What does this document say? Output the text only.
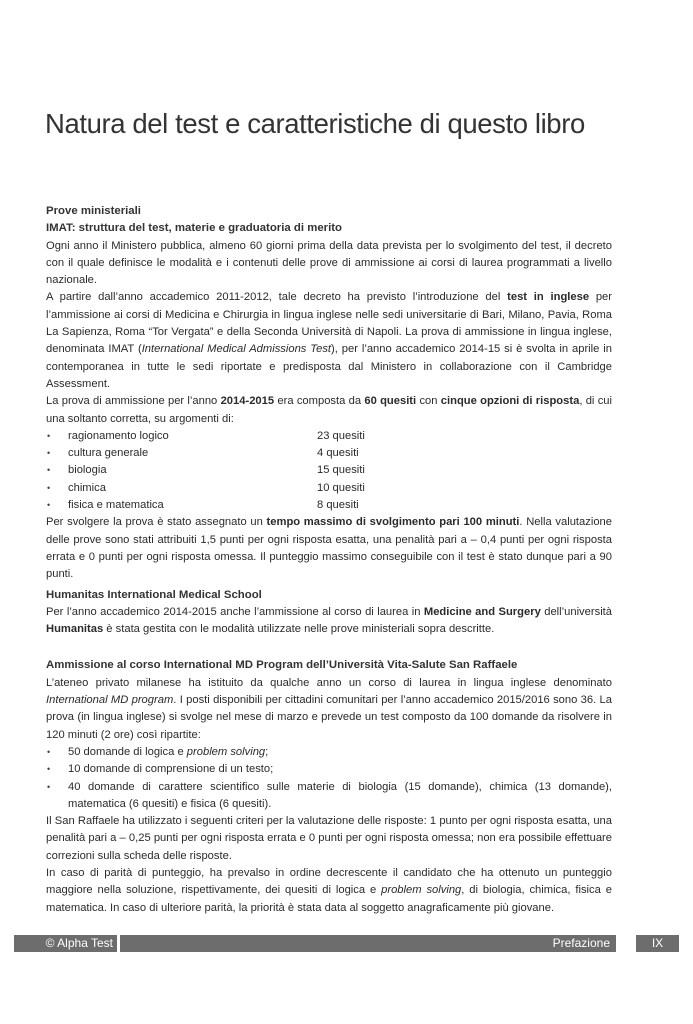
Natura del test e caratteristiche di questo libro
Prove ministeriali
IMAT: struttura del test, materie e graduatoria di merito

Ogni anno il Ministero pubblica, almeno 60 giorni prima della data prevista per lo svolgimento del test, il decreto con il quale definisce le modalità e i contenuti delle prove di ammissione ai corsi di laurea programmati a livello nazionale.

A partire dall’anno accademico 2011-2012, tale decreto ha previsto l’introduzione del test in inglese per l’ammissione ai corsi di Medicina e Chirurgia in lingua inglese nelle sedi universitarie di Bari, Milano, Pavia, Roma La Sapienza, Roma “Tor Vergata” e della Seconda Università di Napoli. La prova di ammissione in lingua inglese, denominata IMAT (International Medical Admissions Test), per l’anno accademico 2014-15 si è svolta in aprile in contemporanea in tutte le sedi riportate e predisposta dal Ministero in collaborazione con il Cambridge Assessment.

La prova di ammissione per l’anno 2014-2015 era composta da 60 quesiti con cinque opzioni di risposta, di cui una soltanto corretta, su argomenti di:

• ragionamento logico	23 quesiti
• cultura generale	4 quesiti
• biologia	15 quesiti
• chimica	10 quesiti
• fisica e matematica	8 quesiti

Per svolgere la prova è stato assegnato un tempo massimo di svolgimento pari 100 minuti. Nella valutazione delle prove sono stati attribuiti 1,5 punti per ogni risposta esatta, una penalità pari a – 0,4 punti per ogni risposta errata e 0 punti per ogni risposta omessa. Il punteggio massimo conseguibile con il test è stato dunque pari a 90 punti.

Humanitas International Medical School

Per l’anno accademico 2014-2015 anche l’ammissione al corso di laurea in Medicine and Surgery dell’università Humanitas è stata gestita con le modalità utilizzate nelle prove ministeriali sopra descritte.

Ammissione al corso International MD Program dell’Università Vita-Salute San Raffaele

L’ateneo privato milanese ha istituito da qualche anno un corso di laurea in lingua inglese denominato International MD program. I posti disponibili per cittadini comunitari per l’anno accademico 2015/2016 sono 36. La prova (in lingua inglese) si svolge nel mese di marzo e prevede un test composto da 100 domande da risolvere in 120 minuti (2 ore) così ripartite:

• 50 domande di logica e problem solving;
• 10 domande di comprensione di un testo;
• 40 domande di carattere scientifico sulle materie di biologia (15 domande), chimica (13 domande), matematica (6 quesiti) e fisica (6 quesiti).

Il San Raffaele ha utilizzato i seguenti criteri per la valutazione delle risposte: 1 punto per ogni risposta esatta, una penalità pari a – 0,25 punti per ogni risposta errata e 0 punti per ogni risposta omessa; non era possibile effettuare correzioni sulla scheda delle risposte.

In caso di parità di punteggio, ha prevalso in ordine decrescente il candidato che ha ottenuto un punteggio maggiore nella soluzione, rispettivamente, dei quesiti di logica e problem solving, di biologia, chimica, fisica e matematica. In caso di ulteriore parità, la priorità è stata data al soggetto anagraficamente più giovane.

© Alpha Test	Prefazione	IX
